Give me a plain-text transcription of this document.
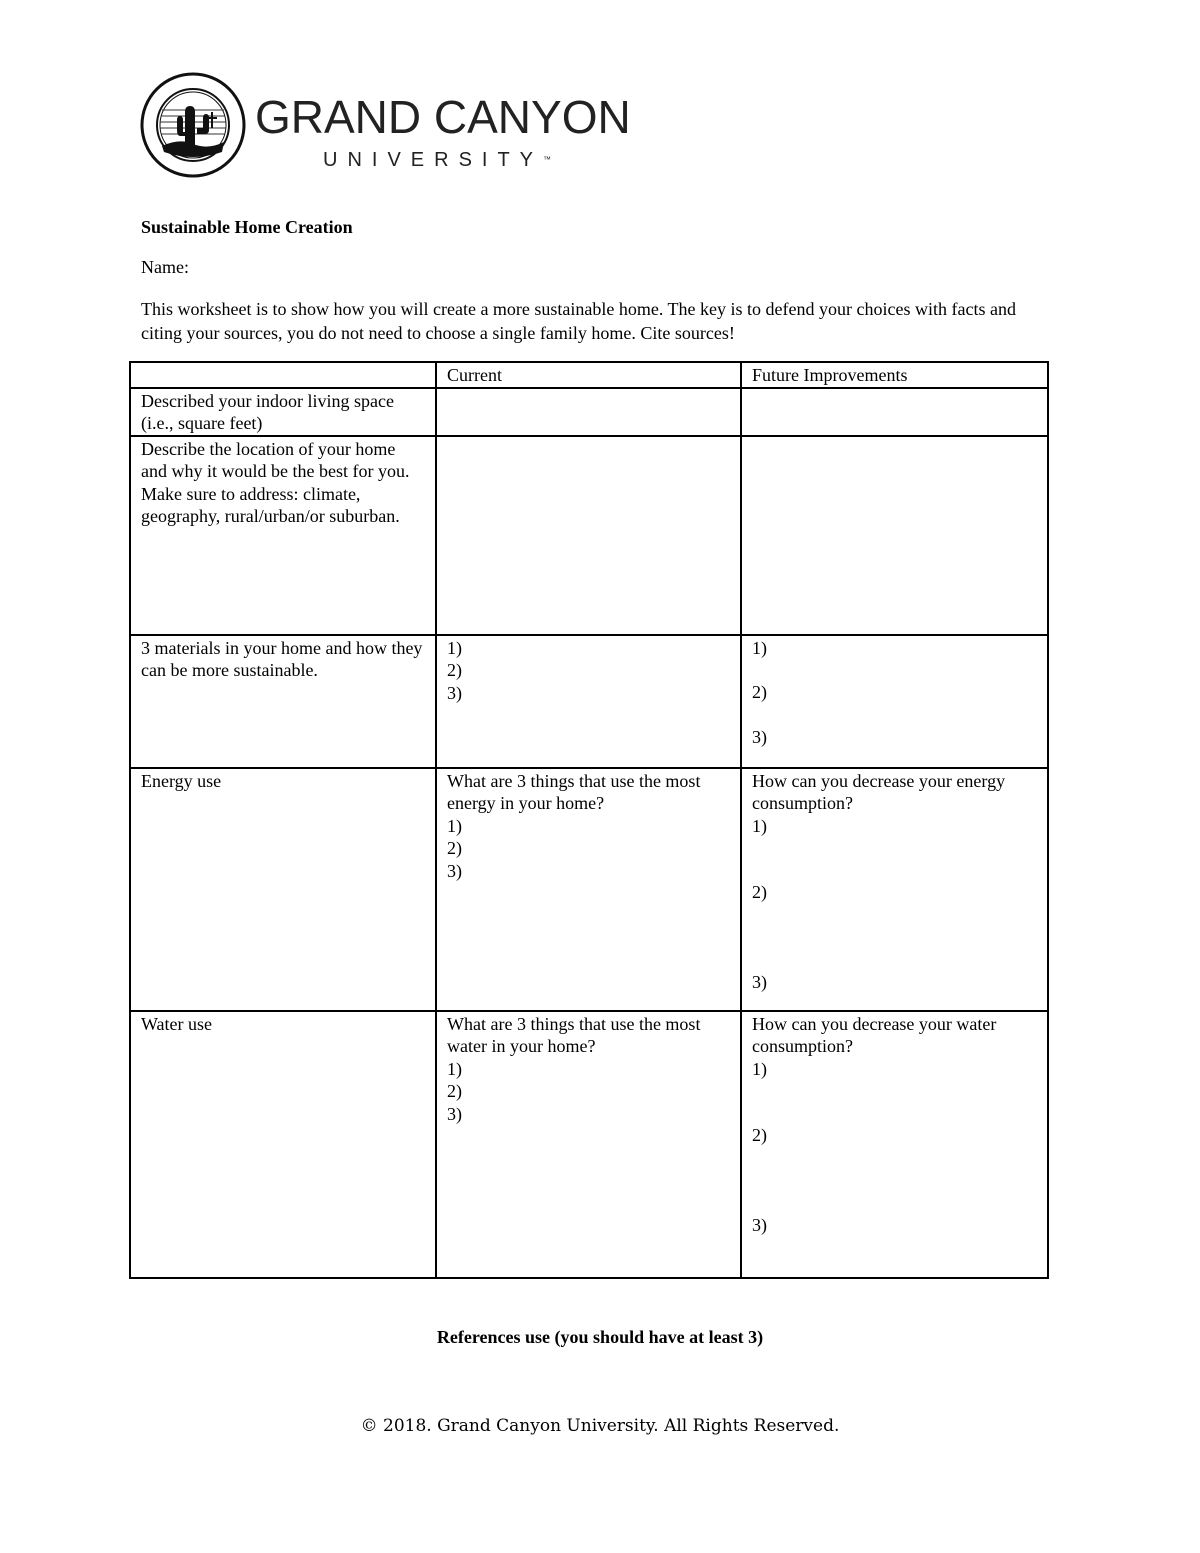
GRAND CANYON
UNIVERSITY™
Sustainable Home Creation
Name:
This worksheet is to show how you will create a more sustainable home. The key is to defend your choices with facts and citing your sources, you do not need to choose a single family home. Cite sources!
	Current	Future Improvements
Described your indoor living space (i.e., square feet)		
Describe the location of your home and why it would be the best for you. Make sure to address: climate, geography, rural/urban/or suburban.		
3 materials in your home and how they can be more sustainable.	1)
2)
3)	1)
2)
3)

Energy use	What are 3 things that use the most energy in your home?
1)
2)
3)	How can you decrease your energy consumption?
1)
2)
3)

Water use	What are 3 things that use the most water in your home?
1)
2)
3)	How can you decrease your water consumption?
1)
2)
3)
References use (you should have at least 3)
© 2018. Grand Canyon University. All Rights Reserved.
